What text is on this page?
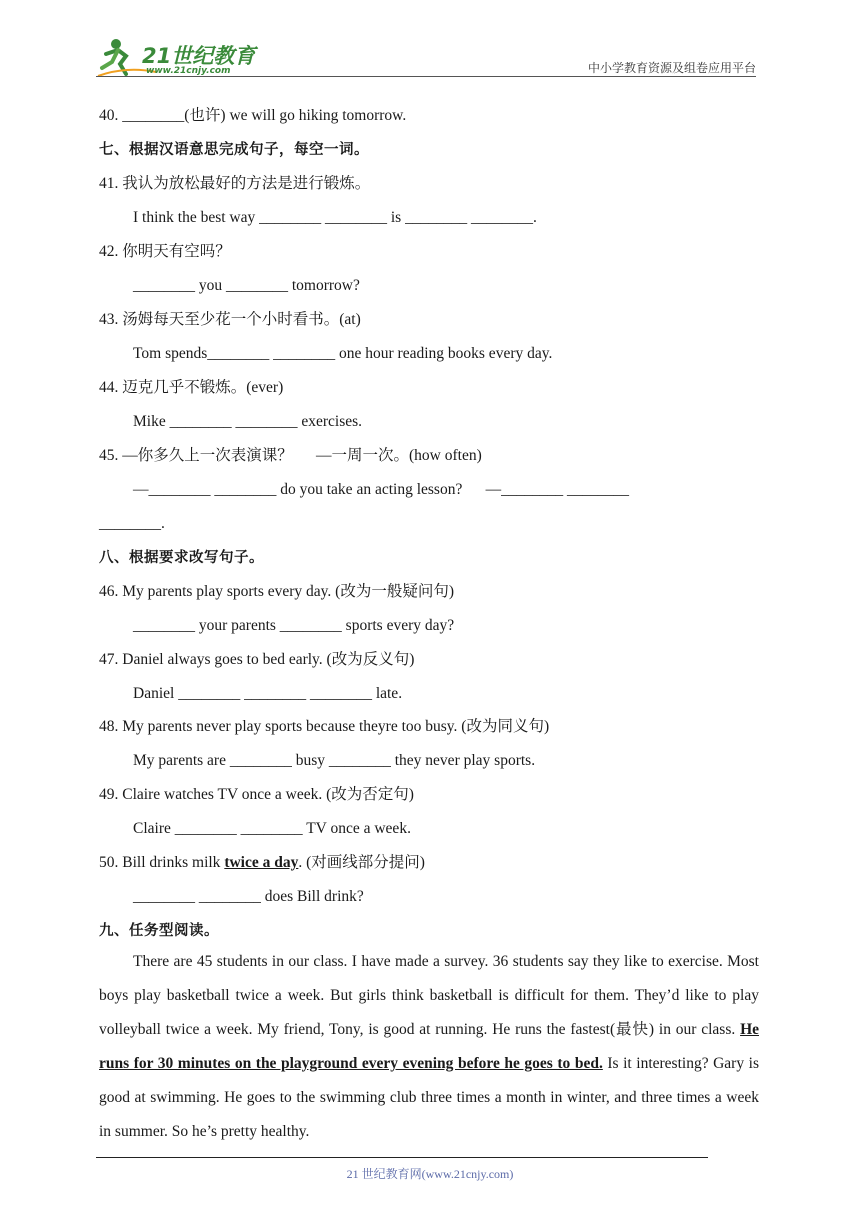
21世纪教育
www.21cnjy.com	中小学教育资源及组卷应用平台
40. ________(也许) we will go hiking tomorrow.
七、根据汉语意思完成句子，每空一词。
41. 我认为放松最好的方法是进行锻炼。
I think the best way ________ ________ is ________ ________.
42. 你明天有空吗？
________ you ________ tomorrow?
43. 汤姆每天至少花一个小时看书。(at)
Tom spends________ ________ one hour reading books every day.
44. 迈克几乎不锻炼。(ever)
Mike ________ ________ exercises.
45. —你多久上一次表演课？      —一周一次。(how often)
—________ ________ do you take an acting lesson?      —________ ________
________.
八、根据要求改写句子。
46. My parents play sports every day. (改为一般疑问句)
________ your parents ________ sports every day?
47. Daniel always goes to bed early. (改为反义句)
Daniel ________ ________ ________ late.
48. My parents never play sports because theyre too busy. (改为同义句)
My parents are ________ busy ________ they never play sports.
49. Claire watches TV once a week. (改为否定句)
Claire ________ ________ TV once a week.
50. Bill drinks milk twice a day. (对画线部分提问)
________ ________ does Bill drink?
九、任务型阅读。
There are 45 students in our class. I have made a survey. 36 students say they like to exercise. Most boys play basketball twice a week. But girls think basketball is difficult for them. They’d like to play volleyball twice a week. My friend, Tony, is good at running. He runs the fastest(最快) in our class. He runs for 30 minutes on the playground every evening before he goes to bed. Is it interesting? Gary is good at swimming. He goes to the swimming club three times a month in winter, and three times a week in summer. So he’s pretty healthy.
21 世纪教育网(www.21cnjy.com)
